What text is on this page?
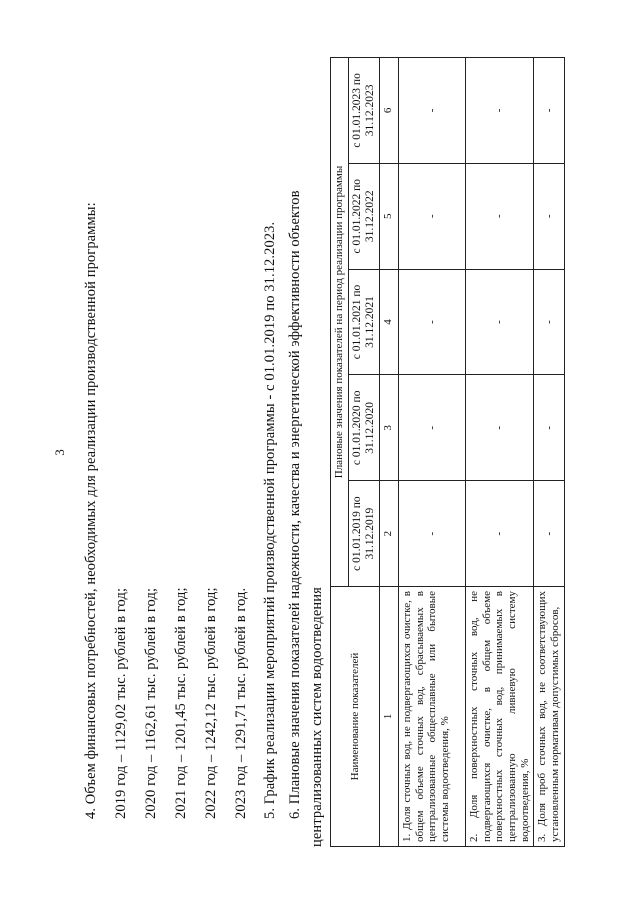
3 4. Объем финансовых потребностей, необходимых для реализации производственной программы: 2019 год – 1129,02 тыс. рублей в год; 2020 год – 1162,61 тыс. рублей в год; 2021 год – 1201,45 тыс. рублей в год; 2022 год – 1242,12 тыс. рублей в год; 2023 год – 1291,71 тыс. рублей в год. 5. График реализации мероприятий производственной программы - с 01.01.2019 по 31.12.2023. 6. Плановые значения показателей надежности, качества и энергетической эффективности объектов централизованных систем водоотведения Наименование показателей	Плановые значения показателей на период реализации программы				
	с 01.01.2019 по 31.12.2019	с 01.01.2020 по 31.12.2020	с 01.01.2021 по 31.12.2021	с 01.01.2022 по 31.12.2022	с 01.01.2023 по 31.12.2023
1	2	3	4	5	6
1. Доля сточных вод, не подвергающихся очистке, в общем объеме сточных вод, сбрасываемых в централизованные общесплавные или бытовые системы водоотведения, %	-	-	-	-	-
2. Доля поверхностных сточных вод, не подвергающихся очистке, в общем объеме поверхностных сточных вод, принимаемых в централизованную ливневую систему водоотведения, %	-	-	-	-	-
3. Доля проб сточных вод, не соответствующих установленным нормативам допустимых сбросов,	-	-	-	-	-
